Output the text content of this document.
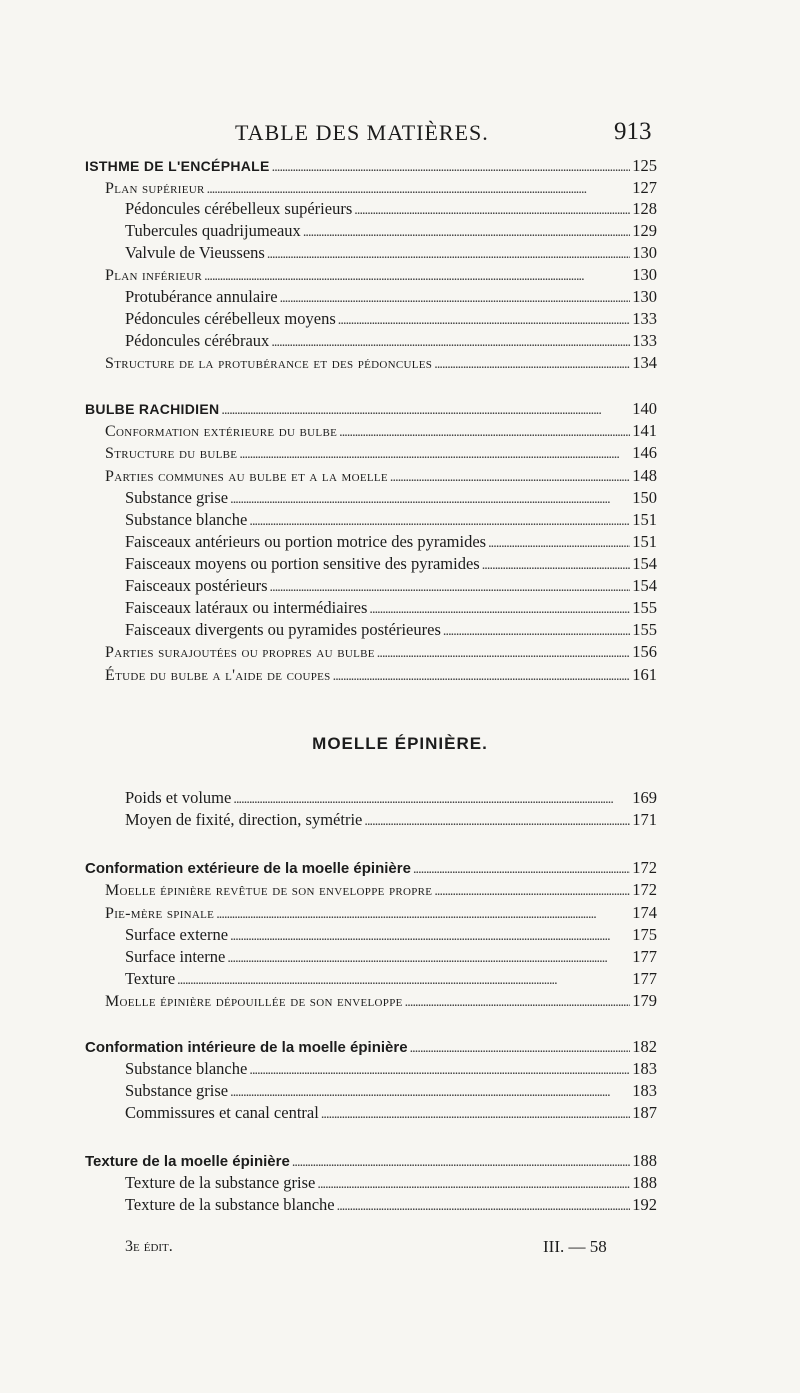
TABLE DES MATIÈRES.	913
ISTHME DE L'ENCÉPHALE . . .	125
Plan supérieur . . .	127
Pédoncules cérébelleux supérieurs . . .	128
Tubercules quadrijumeaux . . .	129
Valvule de Vieussens . . .	130
Plan inférieur . . .	130
Protubérance annulaire . . .	130
Pédoncules cérébelleux moyens . . .	133
Pédoncules cérébraux . . .	133
Structure de la protubérance et des pédoncules . . .	134
BULBE RACHIDIEN . . .	140
Conformation extérieure du bulbe . . .	141
Structure du bulbe . . .	146
Parties communes au bulbe et a la moelle . . .	148
Substance grise . . .	150
Substance blanche . . .	151
Faisceaux antérieurs ou portion motrice des pyramides . . .	151
Faisceaux moyens ou portion sensitive des pyramides . . .	154
Faisceaux postérieurs . . .	154
Faisceaux latéraux ou intermédiaires . . .	155
Faisceaux divergents ou pyramides postérieures . . .	155
Parties surajoutées ou propres au bulbe . . .	156
Étude du bulbe a l'aide de coupes . . .	161
MOELLE ÉPINIÈRE.
Poids et volume . . .	169
Moyen de fixité, direction, symétrie . . .	171
Conformation extérieure de la moelle épinière . . .	172
Moelle épinière revêtue de son enveloppe propre . . .	172
Pie-mère spinale . . .	174
Surface externe . . .	175
Surface interne . . .	177
Texture . . .	177
Moelle épinière dépouillée de son enveloppe . . .	179
Conformation intérieure de la moelle épinière . . .	182
Substance blanche . . .	183
Substance grise . . .	183
Commissures et canal central . . .	187
Texture de la moelle épinière . . .	188
Texture de la substance grise . . .	188
Texture de la substance blanche . . .	192
3e édit.	III. — 58
